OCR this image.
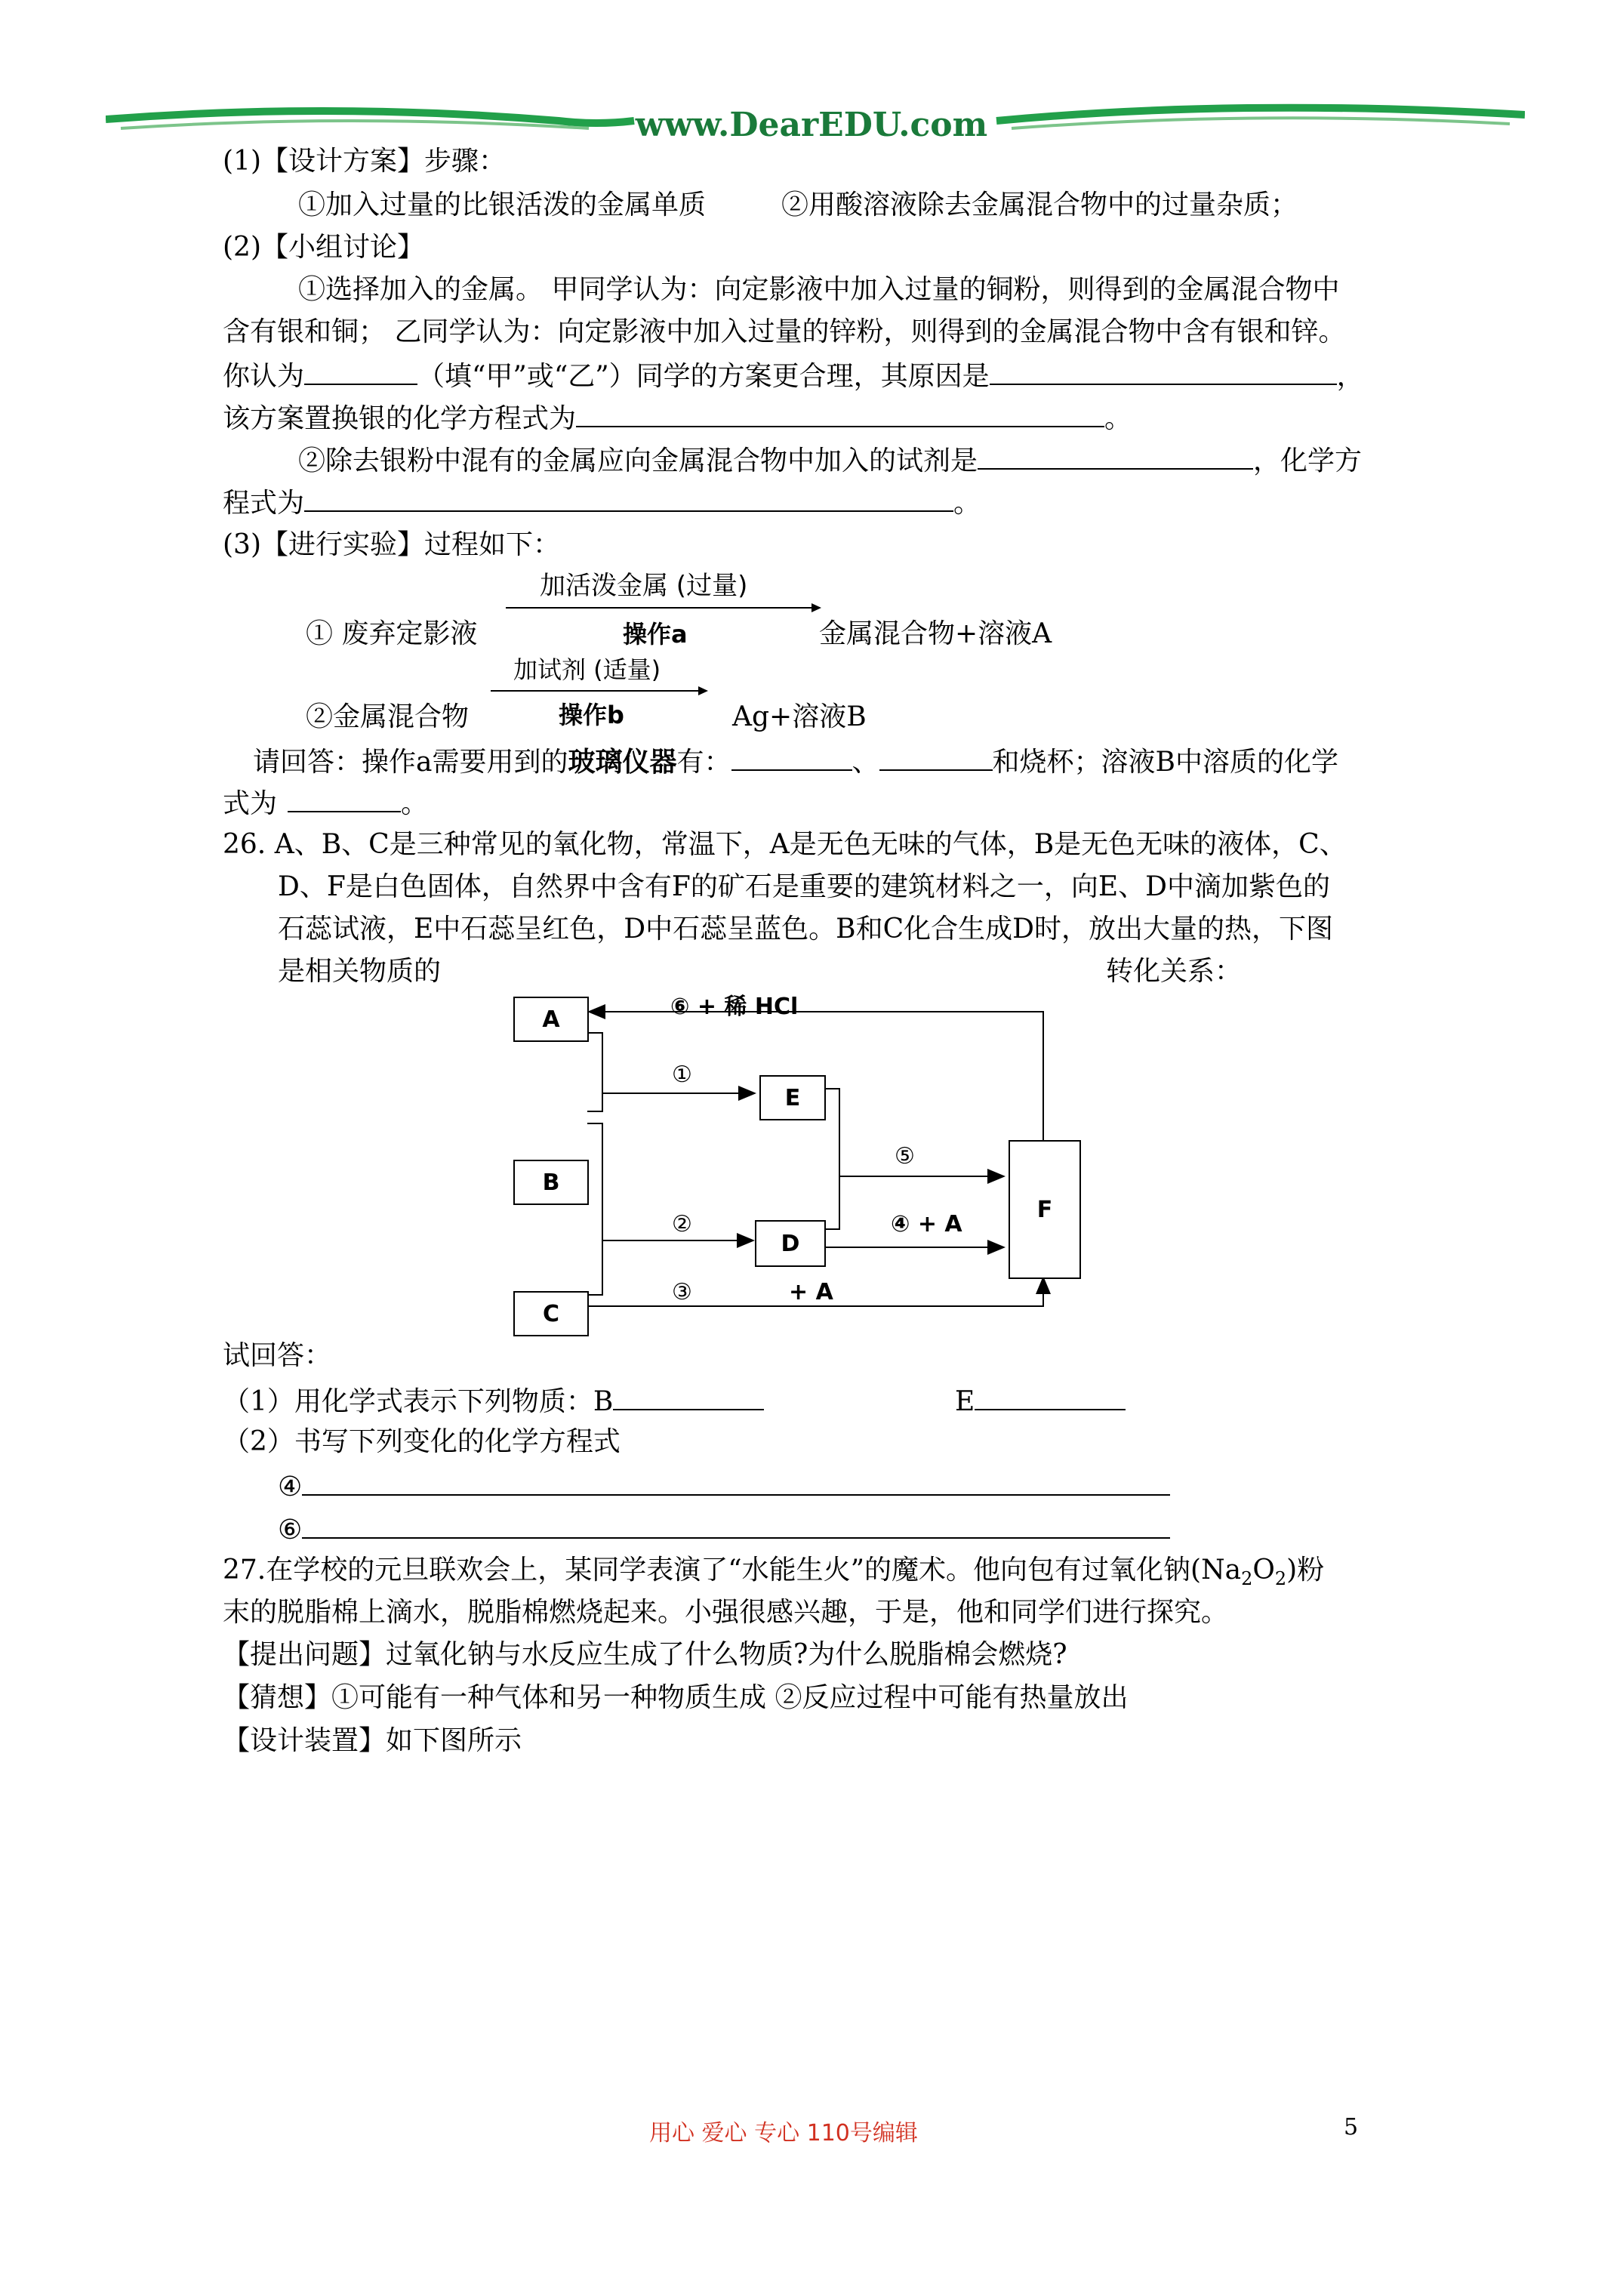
www.DearEDU.com
(1)【设计方案】步骤：
①加入过量的比银活泼的金属单质	②用酸溶液除去金属混合物中的过量杂质；
(2)【小组讨论】
①选择加入的金属。 甲同学认为：向定影液中加入过量的铜粉，则得到的金属混合物中
含有银和铜； 乙同学认为：向定影液中加入过量的锌粉，则得到的金属混合物中含有银和锌。
你认为	（填“甲”或“乙”）同学的方案更合理，其原因是	，
该方案置换银的化学方程式为	。
②除去银粉中混有的金属应向金属混合物中加入的试剂是	，化学方
程式为	。
(3)【进行实验】过程如下：
① 废弃定影液
加活泼金属 (过量)
操作a	金属混合物+溶液A
加试剂 (适量)
②金属混合物	操作b	Ag+溶液B
请回答：操作a需要用到的玻璃仪器有：	、	和烧杯；溶液B中溶质的化学
式为	。
26. A、B、C是三种常见的氧化物，常温下，A是无色无味的气体，B是无色无味的液体，C、
D、F是白色固体，自然界中含有F的矿石是重要的建筑材料之一，向E、D中滴加紫色的
石蕊试液，E中石蕊呈红色，D中石蕊呈蓝色。B和C化合生成D时，放出大量的热，下图
是相关物质的	转化关系：
A
B
C
E
D
F
⑥ + 稀 HCl
①
②
③	+ A
④ + A
⑤
试回答：
（1）用化学式表示下列物质：B	E
（2）书写下列变化的化学方程式
④
⑥
27.在学校的元旦联欢会上，某同学表演了“水能生火”的魔术。他向包有过氧化钠$(Na_2O_2)$粉
末的脱脂棉上滴水，脱脂棉燃烧起来。小强很感兴趣，于是，他和同学们进行探究。
【提出问题】过氧化钠与水反应生成了什么物质?为什么脱脂棉会燃烧?
【猜想】①可能有一种气体和另一种物质生成 ②反应过程中可能有热量放出
【设计装置】如下图所示
用心 爱心 专心 110号编辑	5
